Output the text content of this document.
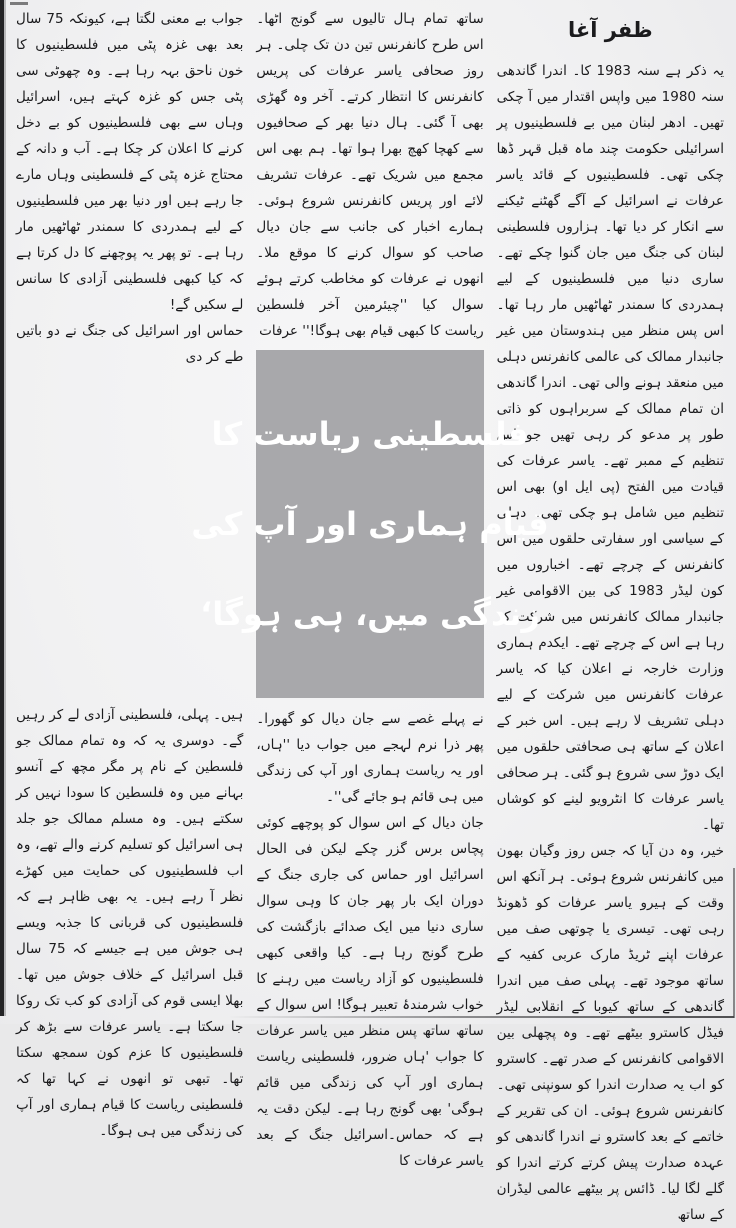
ظفر آغا

یہ ذکر ہے سنہ 1983 کا۔ اندرا گاندھی سنہ 1980 میں واپس اقتدار میں آ چکی تھیں۔ ادھر لبنان میں بے فلسطینیوں پر اسرائیلی حکومت چند ماہ قبل قہر ڈھا چکی تھی۔ فلسطینیوں کے قائد یاسر عرفات نے اسرائیل کے آگے گھٹنے ٹیکنے سے انکار کر دیا تھا۔ ہزاروں فلسطینی لبنان کی جنگ میں جان گنوا چکے تھے۔ ساری دنیا میں فلسطینیوں کے لیے ہمدردی کا سمندر ٹھاٹھیں مار رہا تھا۔ اس پس منظر میں ہندوستان میں غیر جانبدار ممالک کی عالمی کانفرنس دہلی میں منعقد ہونے والی تھی۔ اندرا گاندھی ان تمام ممالک کے سربراہوں کو ذاتی طور پر مدعو کر رہی تھیں جو اس تنظیم کے ممبر تھے۔ یاسر عرفات کی قیادت میں الفتح (پی ایل او) بھی اس تنظیم میں شامل ہو چکی تھی۔ دہلی کے سیاسی اور سفارتی حلقوں میں اس کانفرنس کے چرچے تھے۔ اخباروں میں کون لیڈر 1983 کی بین الاقوامی غیر جانبدار ممالک کانفرنس میں شرکت کر رہا ہے اس کے چرچے تھے۔ ایکدم ہماری وزارت خارجہ نے اعلان کیا کہ یاسر عرفات کانفرنس میں شرکت کے لیے دہلی تشریف لا رہے ہیں۔ اس خبر کے اعلان کے ساتھ ہی صحافتی حلقوں میں ایک دوڑ سی شروع ہو گئی۔ ہر صحافی یاسر عرفات کا انٹرویو لینے کو کوشاں تھا۔

خیر، وہ دن آیا کہ جس روز وگیان بھون میں کانفرنس شروع ہوئی۔ ہر آنکھ اس وقت کے ہیرو یاسر عرفات کو ڈھونڈ رہی تھی۔ تیسری یا چوتھی صف میں عرفات اپنے ٹریڈ مارک عربی کفیہ کے ساتھ موجود تھے۔ پہلی صف میں اندرا گاندھی کے ساتھ کیوبا کے انقلابی لیڈر فیڈل کاسترو بیٹھے تھے۔ وہ پچھلی بین الاقوامی کانفرنس کے صدر تھے۔ کاسترو کو اب یہ صدارت اندرا کو سونپنی تھی۔ کانفرنس شروع ہوئی۔ ان کی تقریر کے خاتمے کے بعد کاسترو نے اندرا گاندھی کو عہدہ صدارت پیش کرتے کرتے اندرا کو گلے لگا لیا۔ ڈائس پر بیٹھے عالمی لیڈران کے ساتھ

ساتھ تمام ہال تالیوں سے گونج اٹھا۔ اس طرح کانفرنس تین دن تک چلی۔ ہر روز صحافی یاسر عرفات کی پریس کانفرنس کا انتظار کرتے۔ آخر وہ گھڑی بھی آ گئی۔ ہال دنیا بھر کے صحافیوں سے کھچا کھچ بھرا ہوا تھا۔ ہم بھی اس مجمع میں شریک تھے۔ عرفات تشریف لائے اور پریس کانفرنس شروع ہوئی۔ ہمارے اخبار کی جانب سے جان دیال صاحب کو سوال کرنے کا موقع ملا۔ انھوں نے عرفات کو مخاطب کرتے ہوئے سوال کیا ''چیئرمین آخر فلسطین ریاست کا کبھی قیام بھی ہوگا!'' عرفات

فلسطینی ریاست کا
قیام ہماری اور آپ کی
زندگی میں، ہی ہوگا‘

نے پہلے غصے سے جان دیال کو گھورا۔ پھر ذرا نرم لہجے میں جواب دیا ''ہاں، اور یہ ریاست ہماری اور آپ کی زندگی میں ہی قائم ہو جائے گی''۔

جان دیال کے اس سوال کو پوچھے کوئی پچاس برس گزر چکے لیکن فی الحال اسرائیل اور حماس کی جاری جنگ کے دوران ایک بار پھر جان کا وہی سوال ساری دنیا میں ایک صدائے بازگشت کی طرح گونج رہا ہے۔ کیا واقعی کبھی فلسطینیوں کو آزاد ریاست میں رہنے کا خواب شرمندۂ تعبیر ہوگا! اس سوال کے ساتھ ساتھ پس منظر میں یاسر عرفات کا جواب 'ہاں ضرور، فلسطینی ریاست ہماری اور آپ کی زندگی میں قائم ہوگی' بھی گونج رہا ہے۔ لیکن دقت یہ ہے کہ حماس۔اسرائیل جنگ کے بعد یاسر عرفات کا

جواب بے معنی لگتا ہے، کیونکہ 75 سال بعد بھی غزہ پٹی میں فلسطینیوں کا خون ناحق بہہ رہا ہے۔ وہ چھوٹی سی پٹی جس کو غزہ کہتے ہیں، اسرائیل وہاں سے بھی فلسطینیوں کو بے دخل کرنے کا اعلان کر چکا ہے۔ آب و دانہ کے محتاج غزہ پٹی کے فلسطینی وہاں مارے جا رہے ہیں اور دنیا بھر میں فلسطینیوں کے لیے ہمدردی کا سمندر ٹھاٹھیں مار رہا ہے۔ تو پھر یہ پوچھنے کا دل کرتا ہے کہ کیا کبھی فلسطینی آزادی کا سانس لے سکیں گے!

حماس اور اسرائیل کی جنگ نے دو باتیں طے کر دی

ہیں۔ پہلی، فلسطینی آزادی لے کر رہیں گے۔ دوسری یہ کہ وہ تمام ممالک جو فلسطین کے نام پر مگر مچھ کے آنسو بہانے میں وہ فلسطین کا سودا نہیں کر سکتے ہیں۔ وہ مسلم ممالک جو جلد ہی اسرائیل کو تسلیم کرنے والے تھے، وہ اب فلسطینیوں کی حمایت میں کھڑے نظر آ رہے ہیں۔ یہ بھی ظاہر ہے کہ فلسطینیوں کی قربانی کا جذبہ ویسے ہی جوش میں ہے جیسے کہ 75 سال قبل اسرائیل کے خلاف جوش میں تھا۔ بھلا ایسی قوم کی آزادی کو کب تک روکا جا سکتا ہے۔ یاسر عرفات سے بڑھ کر فلسطینیوں کا عزم کون سمجھ سکتا تھا۔ تبھی تو انھوں نے کہا تھا کہ فلسطینی ریاست کا قیام ہماری اور آپ کی زندگی میں ہی ہوگا۔
